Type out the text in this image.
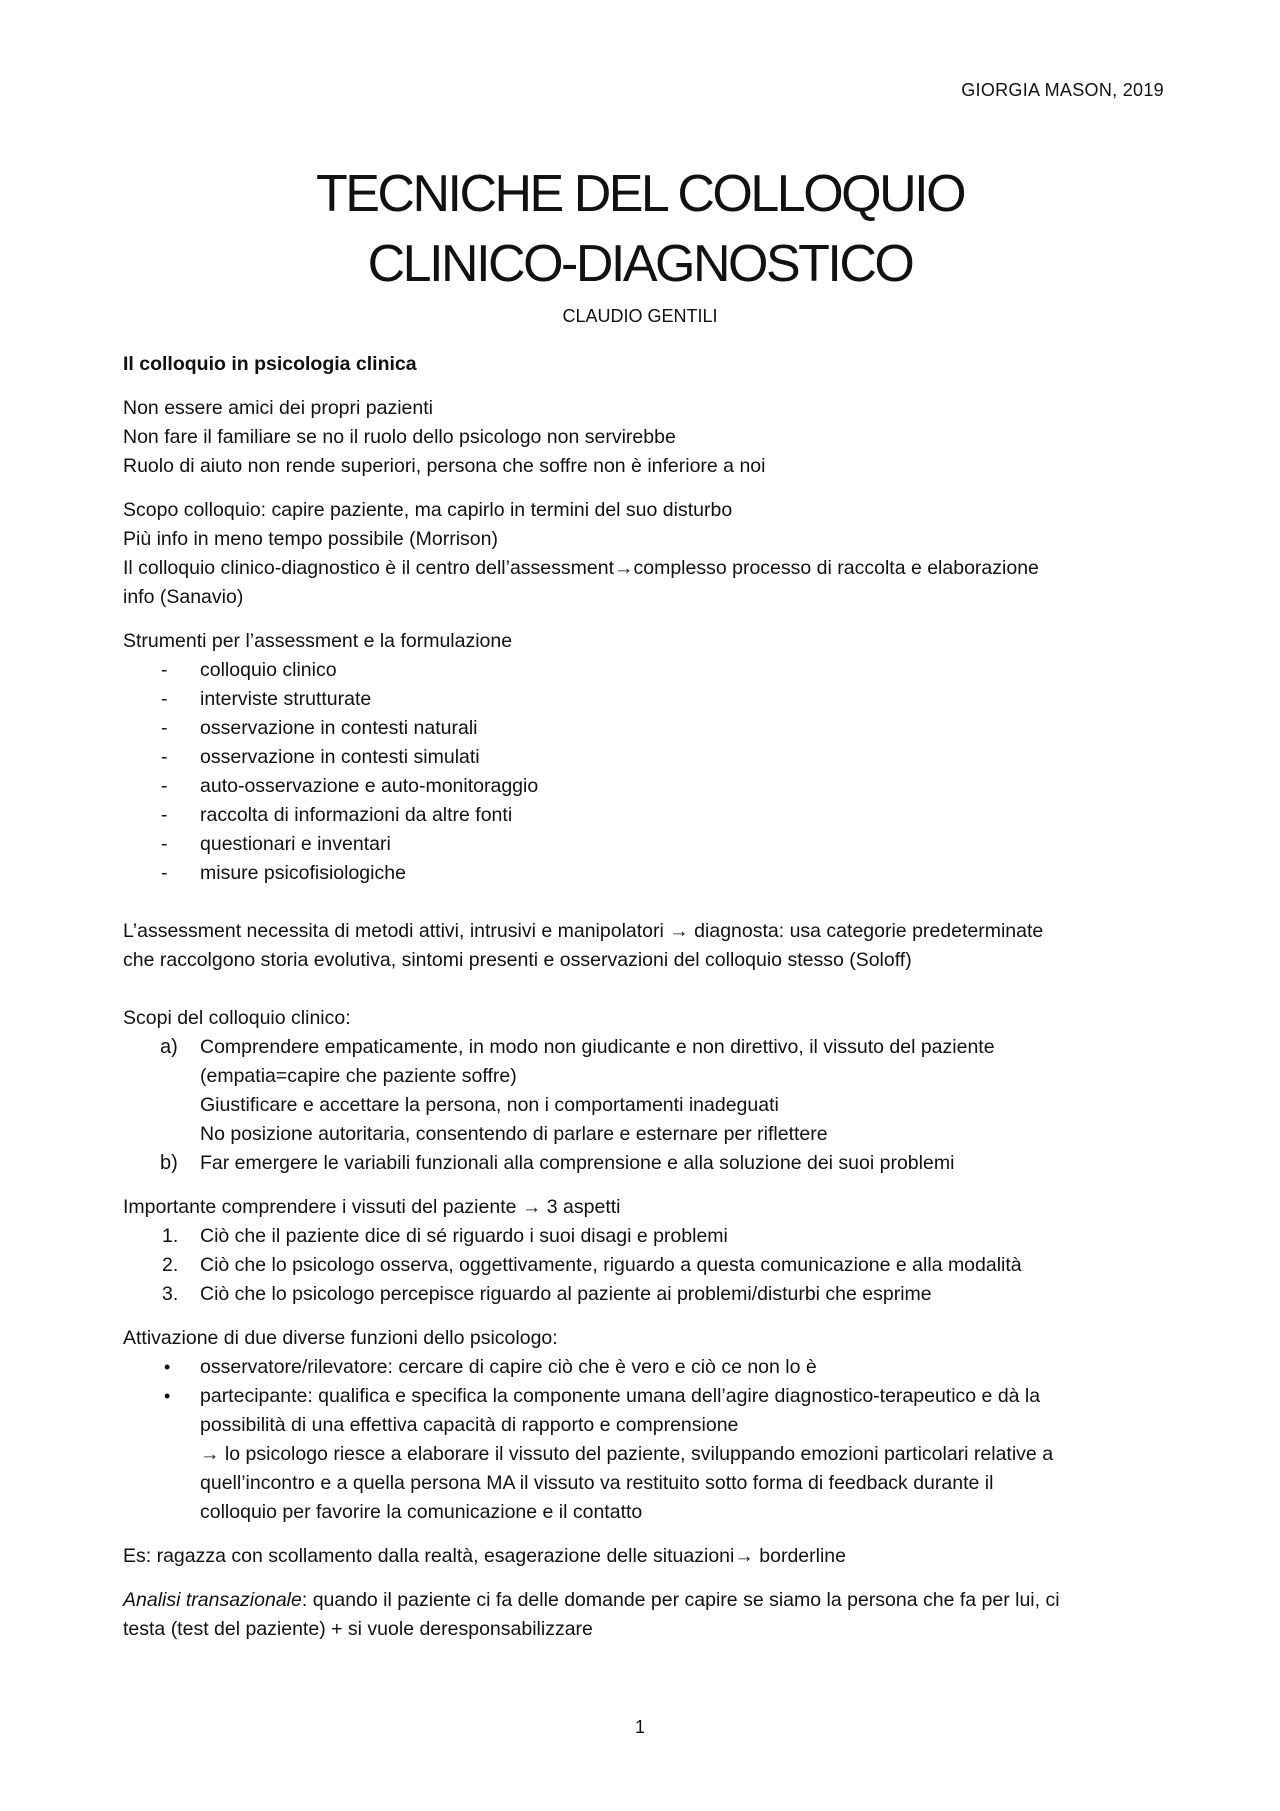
GIORGIA MASON, 2019
TECNICHE DEL COLLOQUIO
CLINICO-DIAGNOSTICO
CLAUDIO GENTILI

Il colloquio in psicologia clinica

Non essere amici dei propri pazienti

Non fare il familiare se no il ruolo dello psicologo non servirebbe

Ruolo di aiuto non rende superiori, persona che soffre non è inferiore a noi

Scopo colloquio: capire paziente, ma capirlo in termini del suo disturbo

Più info in meno tempo possibile (Morrison)

Il colloquio clinico-diagnostico è il centro dell’assessment→complesso processo di raccolta e elaborazione

info (Sanavio)

Strumenti per l’assessment e la formulazione

- colloquio clinico
- interviste strutturate
- osservazione in contesti naturali
- osservazione in contesti simulati
- auto-osservazione e auto-monitoraggio
- raccolta di informazioni da altre fonti
- questionari e inventari
- misure psicofisiologiche

L’assessment necessita di metodi attivi, intrusivi e manipolatori → diagnosta: usa categorie predeterminate

che raccolgono storia evolutiva, sintomi presenti e osservazioni del colloquio stesso (Soloff)

Scopi del colloquio clinico:

a) Comprendere empaticamente, in modo non giudicante e non direttivo, il vissuto del paziente

(empatia=capire che paziente soffre)

Giustificare e accettare la persona, non i comportamenti inadeguati

No posizione autoritaria, consentendo di parlare e esternare per riflettere

b) Far emergere le variabili funzionali alla comprensione e alla soluzione dei suoi problemi

Importante comprendere i vissuti del paziente → 3 aspetti

1. Ciò che il paziente dice di sé riguardo i suoi disagi e problemi
2. Ciò che lo psicologo osserva, oggettivamente, riguardo a questa comunicazione e alla modalità
3. Ciò che lo psicologo percepisce riguardo al paziente ai problemi/disturbi che esprime

Attivazione di due diverse funzioni dello psicologo:

• osservatore/rilevatore: cercare di capire ciò che è vero e ciò ce non lo è

• partecipante: qualifica e specifica la componente umana dell’agire diagnostico-terapeutico e dà la

possibilità di una effettiva capacità di rapporto e comprensione

→ lo psicologo riesce a elaborare il vissuto del paziente, sviluppando emozioni particolari relative a

quell’incontro e a quella persona MA il vissuto va restituito sotto forma di feedback durante il

colloquio per favorire la comunicazione e il contatto

Es: ragazza con scollamento dalla realtà, esagerazione delle situazioni→ borderline

Analisi transazionale: quando il paziente ci fa delle domande per capire se siamo la persona che fa per lui, ci

testa (test del paziente) + si vuole deresponsabilizzare

1
